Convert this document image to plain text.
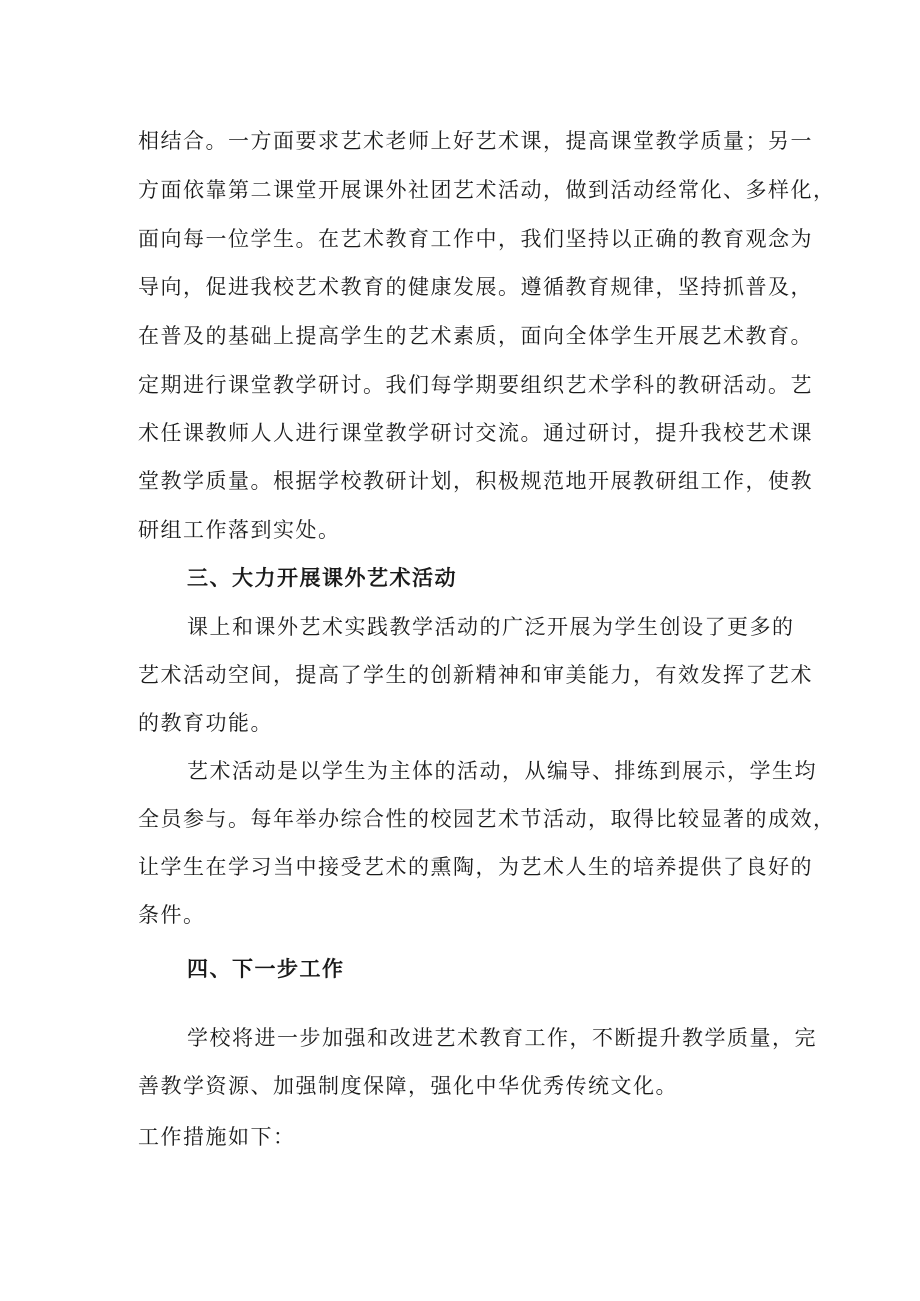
相结合。一方面要求艺术老师上好艺术课，提高课堂教学质量；另一
方面依靠第二课堂开展课外社团艺术活动，做到活动经常化、多样化，
面向每一位学生。在艺术教育工作中，我们坚持以正确的教育观念为
导向，促进我校艺术教育的健康发展。遵循教育规律，坚持抓普及，
在普及的基础上提高学生的艺术素质，面向全体学生开展艺术教育。
定期进行课堂教学研讨。我们每学期要组织艺术学科的教研活动。艺
术任课教师人人进行课堂教学研讨交流。通过研讨，提升我校艺术课
堂教学质量。根据学校教研计划，积极规范地开展教研组工作，使教
研组工作落到实处。
三、大力开展课外艺术活动
课上和课外艺术实践教学活动的广泛开展为学生创设了更多的
艺术活动空间，提高了学生的创新精神和审美能力，有效发挥了艺术
的教育功能。
艺术活动是以学生为主体的活动，从编导、排练到展示，学生均
全员参与。每年举办综合性的校园艺术节活动，取得比较显著的成效，
让学生在学习当中接受艺术的熏陶，为艺术人生的培养提供了良好的
条件。
四、下一步工作
学校将进一步加强和改进艺术教育工作，不断提升教学质量，完
善教学资源、加强制度保障，强化中华优秀传统文化。
工作措施如下：
